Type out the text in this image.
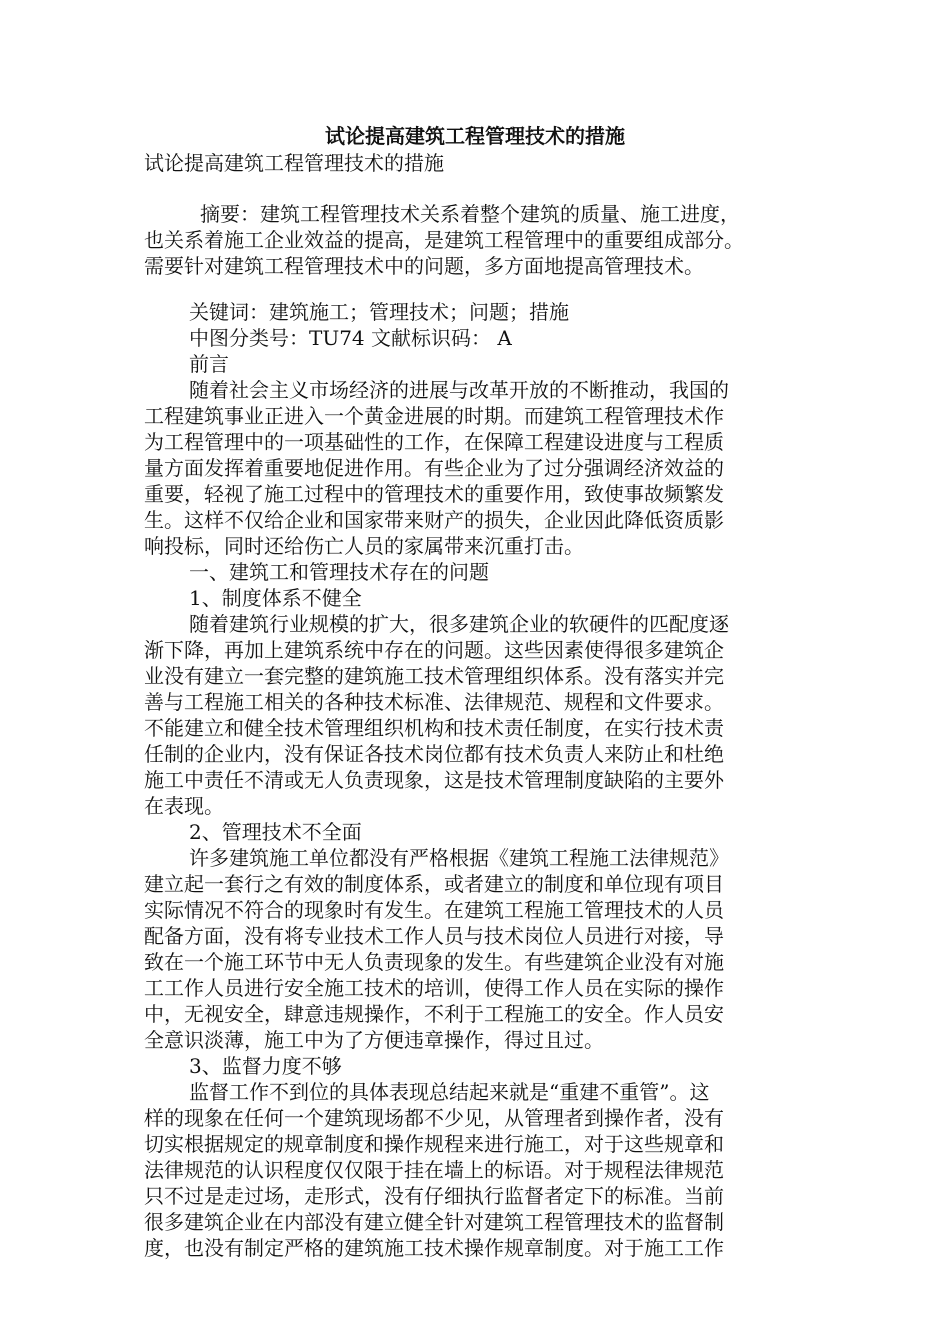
试论提高建筑工程管理技术的措施

试论提高建筑工程管理技术的措施

摘要：建筑工程管理技术关系着整个建筑的质量、施工进度，

也关系着施工企业效益的提高，是建筑工程管理中的重要组成部分。

需要针对建筑工程管理技术中的问题，多方面地提高管理技术。

关键词：建筑施工；管理技术；问题；措施

中图分类号：TU74 文献标识码： A

前言

随着社会主义市场经济的进展与改革开放的不断推动，我国的

工程建筑事业正进入一个黄金进展的时期。而建筑工程管理技术作

为工程管理中的一项基础性的工作，在保障工程建设进度与工程质

量方面发挥着重要地促进作用。有些企业为了过分强调经济效益的

重要，轻视了施工过程中的管理技术的重要作用，致使事故频繁发

生。这样不仅给企业和国家带来财产的损失，企业因此降低资质影

响投标，同时还给伤亡人员的家属带来沉重打击。

一、建筑工和管理技术存在的问题

1、制度体系不健全

随着建筑行业规模的扩大，很多建筑企业的软硬件的匹配度逐

渐下降，再加上建筑系统中存在的问题。这些因素使得很多建筑企

业没有建立一套完整的建筑施工技术管理组织体系。没有落实并完

善与工程施工相关的各种技术标准、法律规范、规程和文件要求。

不能建立和健全技术管理组织机构和技术责任制度，在实行技术责

任制的企业内，没有保证各技术岗位都有技术负责人来防止和杜绝

施工中责任不清或无人负责现象，这是技术管理制度缺陷的主要外

在表现。

2、管理技术不全面

许多建筑施工单位都没有严格根据《建筑工程施工法律规范》

建立起一套行之有效的制度体系，或者建立的制度和单位现有项目

实际情况不符合的现象时有发生。在建筑工程施工管理技术的人员

配备方面，没有将专业技术工作人员与技术岗位人员进行对接，导

致在一个施工环节中无人负责现象的发生。有些建筑企业没有对施

工工作人员进行安全施工技术的培训，使得工作人员在实际的操作

中，无视安全，肆意违规操作，不利于工程施工的安全。作人员安

全意识淡薄，施工中为了方便违章操作，得过且过。

3、监督力度不够

监督工作不到位的具体表现总结起来就是“重建不重管”。这

样的现象在任何一个建筑现场都不少见，从管理者到操作者，没有

切实根据规定的规章制度和操作规程来进行施工，对于这些规章和

法律规范的认识程度仅仅限于挂在墙上的标语。对于规程法律规范

只不过是走过场，走形式，没有仔细执行监督者定下的标准。当前

很多建筑企业在内部没有建立健全针对建筑工程管理技术的监督制

度，也没有制定严格的建筑施工技术操作规章制度。对于施工工作
